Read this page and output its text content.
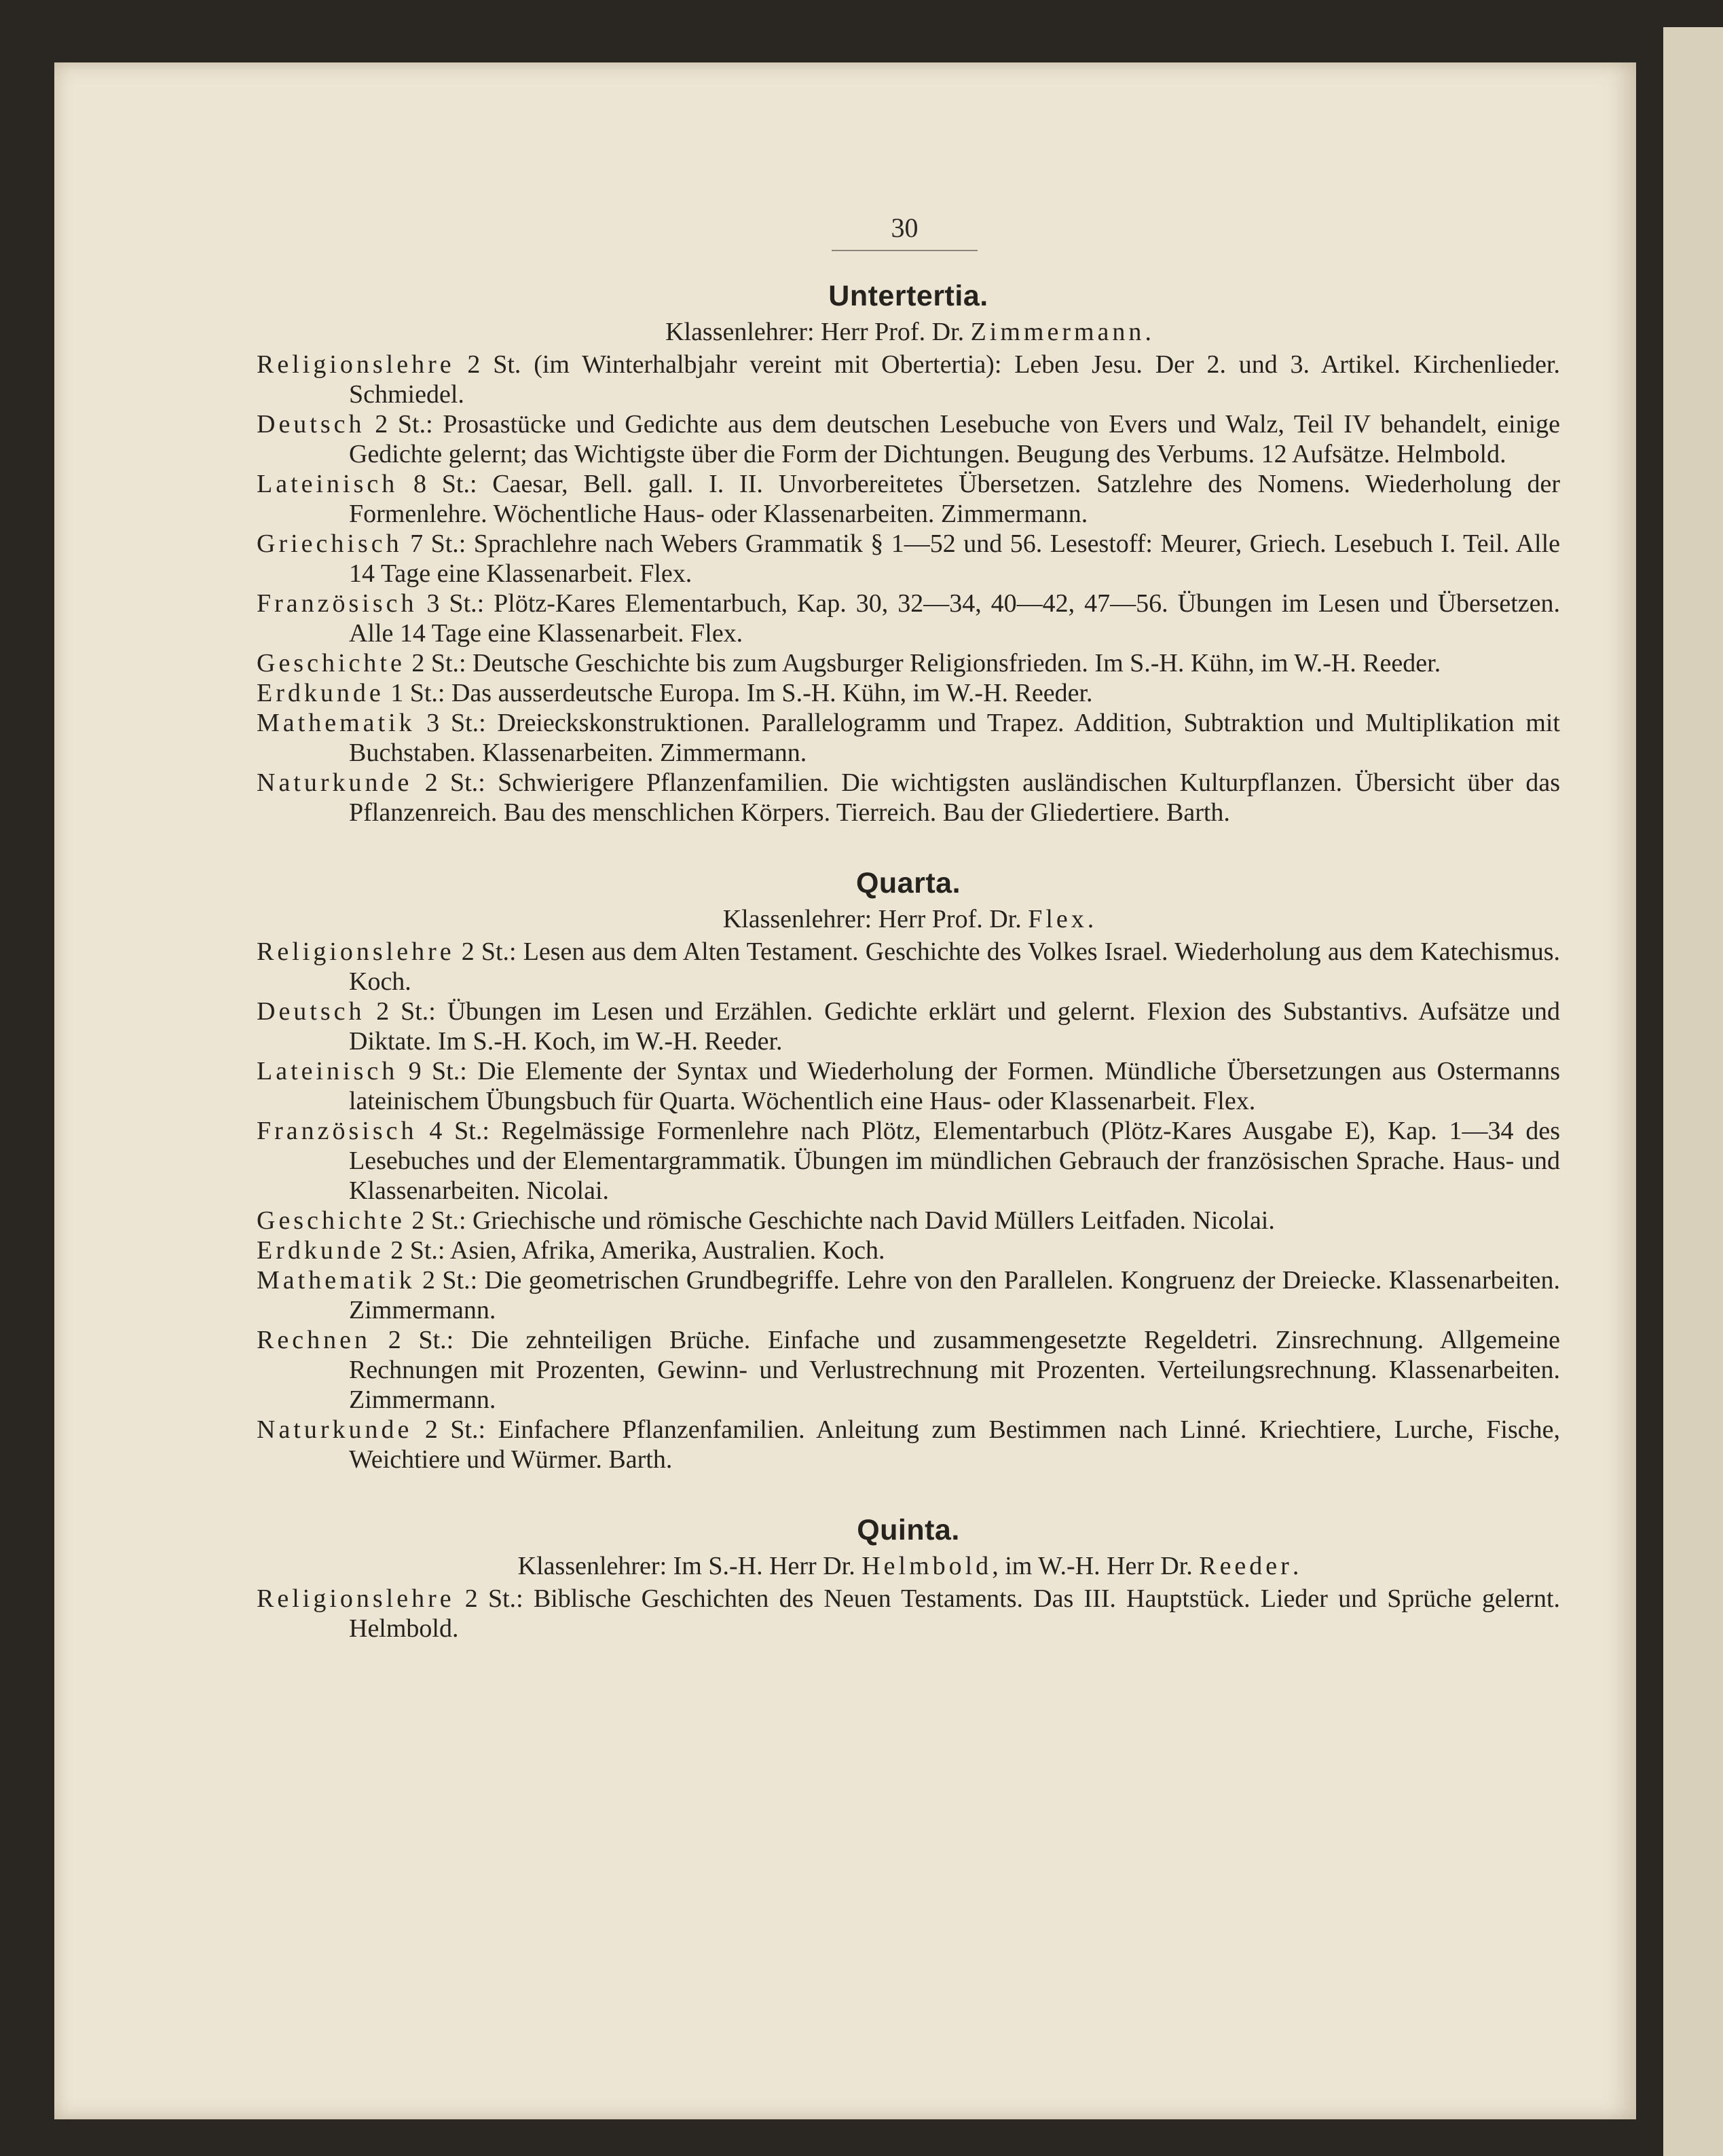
30
Untertertia.
Klassenlehrer: Herr Prof. Dr. Zimmermann.
Religionslehre 2 St. (im Winterhalbjahr vereint mit Obertertia): Leben Jesu. Der 2. und 3. Artikel. Kirchenlieder. Schmiedel.
Deutsch 2 St.: Prosastücke und Gedichte aus dem deutschen Lesebuche von Evers und Walz, Teil IV behandelt, einige Gedichte gelernt; das Wichtigste über die Form der Dichtungen. Beugung des Verbums. 12 Aufsätze. Helmbold.
Lateinisch 8 St.: Caesar, Bell. gall. I. II. Unvorbereitetes Übersetzen. Satzlehre des Nomens. Wiederholung der Formenlehre. Wöchentliche Haus- oder Klassenarbeiten. Zimmermann.
Griechisch 7 St.: Sprachlehre nach Webers Grammatik § 1—52 und 56. Lesestoff: Meurer, Griech. Lesebuch I. Teil. Alle 14 Tage eine Klassenarbeit. Flex.
Französisch 3 St.: Plötz-Kares Elementarbuch, Kap. 30, 32—34, 40—42, 47—56. Übungen im Lesen und Übersetzen. Alle 14 Tage eine Klassenarbeit. Flex.
Geschichte 2 St.: Deutsche Geschichte bis zum Augsburger Religionsfrieden. Im S.-H. Kühn, im W.-H. Reeder.
Erdkunde 1 St.: Das ausserdeutsche Europa. Im S.-H. Kühn, im W.-H. Reeder.
Mathematik 3 St.: Dreieckskonstruktionen. Parallelogramm und Trapez. Addition, Subtraktion und Multiplikation mit Buchstaben. Klassenarbeiten. Zimmermann.
Naturkunde 2 St.: Schwierigere Pflanzenfamilien. Die wichtigsten ausländischen Kulturpflanzen. Übersicht über das Pflanzenreich. Bau des menschlichen Körpers. Tierreich. Bau der Gliedertiere. Barth.
Quarta.
Klassenlehrer: Herr Prof. Dr. Flex.
Religionslehre 2 St.: Lesen aus dem Alten Testament. Geschichte des Volkes Israel. Wiederholung aus dem Katechismus. Koch.
Deutsch 2 St.: Übungen im Lesen und Erzählen. Gedichte erklärt und gelernt. Flexion des Substantivs. Aufsätze und Diktate. Im S.-H. Koch, im W.-H. Reeder.
Lateinisch 9 St.: Die Elemente der Syntax und Wiederholung der Formen. Mündliche Übersetzungen aus Ostermanns lateinischem Übungsbuch für Quarta. Wöchentlich eine Haus- oder Klassenarbeit. Flex.
Französisch 4 St.: Regelmässige Formenlehre nach Plötz, Elementarbuch (Plötz-Kares Ausgabe E), Kap. 1—34 des Lesebuches und der Elementargrammatik. Übungen im mündlichen Gebrauch der französischen Sprache. Haus- und Klassenarbeiten. Nicolai.
Geschichte 2 St.: Griechische und römische Geschichte nach David Müllers Leitfaden. Nicolai.
Erdkunde 2 St.: Asien, Afrika, Amerika, Australien. Koch.
Mathematik 2 St.: Die geometrischen Grundbegriffe. Lehre von den Parallelen. Kongruenz der Dreiecke. Klassenarbeiten. Zimmermann.
Rechnen 2 St.: Die zehnteiligen Brüche. Einfache und zusammengesetzte Regeldetri. Zinsrechnung. Allgemeine Rechnungen mit Prozenten, Gewinn- und Verlustrechnung mit Prozenten. Verteilungsrechnung. Klassenarbeiten. Zimmermann.
Naturkunde 2 St.: Einfachere Pflanzenfamilien. Anleitung zum Bestimmen nach Linné. Kriechtiere, Lurche, Fische, Weichtiere und Würmer. Barth.
Quinta.
Klassenlehrer: Im S.-H. Herr Dr. Helmbold, im W.-H. Herr Dr. Reeder.
Religionslehre 2 St.: Biblische Geschichten des Neuen Testaments. Das III. Hauptstück. Lieder und Sprüche gelernt. Helmbold.
